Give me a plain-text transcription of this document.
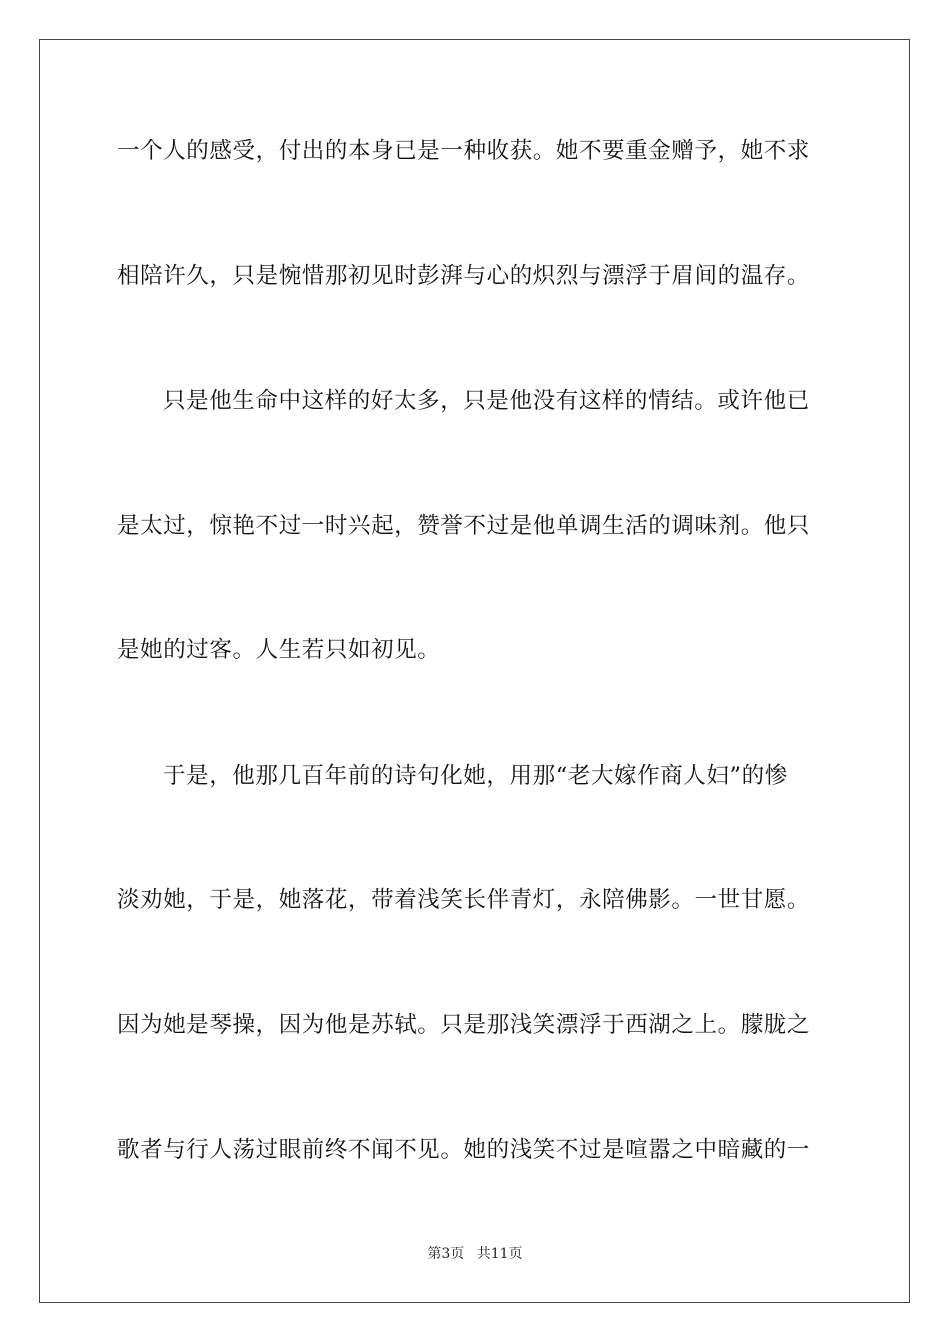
一个人的感受，付出的本身已是一种收获。她不要重金赠予，她不求
相陪许久，只是惋惜那初见时彭湃与心的炽烈与漂浮于眉间的温存。
只是他生命中这样的好太多，只是他没有这样的情结。或许他已
是太过，惊艳不过一时兴起，赞誉不过是他单调生活的调味剂。他只
是她的过客。人生若只如初见。
于是，他那几百年前的诗句化她，用那“老大嫁作商人妇”的惨
淡劝她，于是，她落花，带着浅笑长伴青灯，永陪佛影。一世甘愿。
因为她是琴操，因为他是苏轼。只是那浅笑漂浮于西湖之上。朦胧之
歌者与行人荡过眼前终不闻不见。她的浅笑不过是喧嚣之中暗藏的一
第3页 共11页
